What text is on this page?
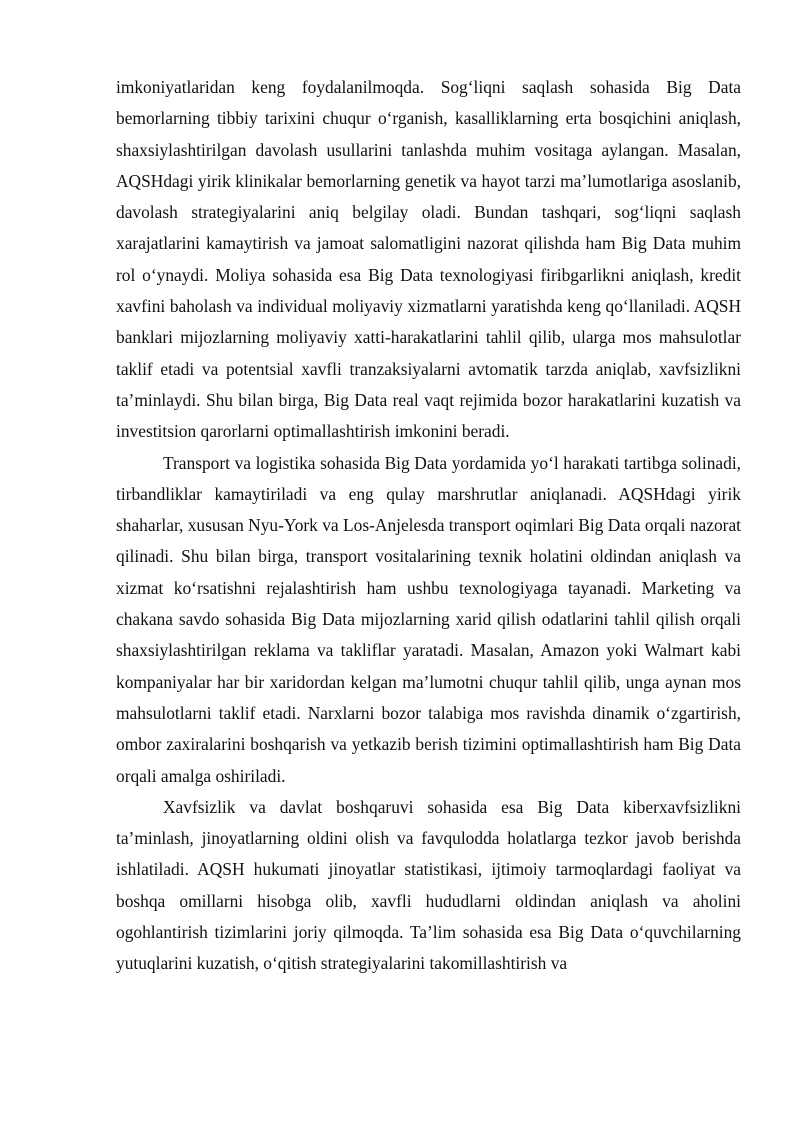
imkoniyatlaridan keng foydalanilmoqda. Sog‘liqni saqlash sohasida Big Data bemorlarning tibbiy tarixini chuqur o‘rganish, kasalliklarning erta bosqichini aniqlash, shaxsiylashtirilgan davolash usullarini tanlashda muhim vositaga aylangan. Masalan, AQSHdagi yirik klinikalar bemorlarning genetik va hayot tarzi ma’lumotlariga asoslanib, davolash strategiyalarini aniq belgilay oladi. Bundan tashqari, sog‘liqni saqlash xarajatlarini kamaytirish va jamoat salomatligini nazorat qilishda ham Big Data muhim rol o‘ynaydi. Moliya sohasida esa Big Data texnologiyasi firibgarlikni aniqlash, kredit xavfini baholash va individual moliyaviy xizmatlarni yaratishda keng qo‘llaniladi. AQSH banklari mijozlarning moliyaviy xatti-harakatlarini tahlil qilib, ularga mos mahsulotlar taklif etadi va potentsial xavfli tranzaksiyalarni avtomatik tarzda aniqlab, xavfsizlikni ta’minlaydi. Shu bilan birga, Big Data real vaqt rejimida bozor harakatlarini kuzatish va investitsion qarorlarni optimallashtirish imkonini beradi.

Transport va logistika sohasida Big Data yordamida yo‘l harakati tartibga solinadi, tirbandliklar kamaytiriladi va eng qulay marshrutlar aniqlanadi. AQSHdagi yirik shaharlar, xususan Nyu-York va Los-Anjelesda transport oqimlari Big Data orqali nazorat qilinadi. Shu bilan birga, transport vositalarining texnik holatini oldindan aniqlash va xizmat ko‘rsatishni rejalashtirish ham ushbu texnologiyaga tayanadi. Marketing va chakana savdo sohasida Big Data mijozlarning xarid qilish odatlarini tahlil qilish orqali shaxsiylashtirilgan reklama va takliflar yaratadi. Masalan, Amazon yoki Walmart kabi kompaniyalar har bir xaridordan kelgan ma’lumotni chuqur tahlil qilib, unga aynan mos mahsulotlarni taklif etadi. Narxlarni bozor talabiga mos ravishda dinamik o‘zgartirish, ombor zaxiralarini boshqarish va yetkazib berish tizimini optimallashtirish ham Big Data orqali amalga oshiriladi.

Xavfsizlik va davlat boshqaruvi sohasida esa Big Data kiberxavfsizlikni ta’minlash, jinoyatlarning oldini olish va favqulodda holatlarga tezkor javob berishda ishlatiladi. AQSH hukumati jinoyatlar statistikasi, ijtimoiy tarmoqlardagi faoliyat va boshqa omillarni hisobga olib, xavfli hududlarni oldindan aniqlash va aholini ogohlantirish tizimlarini joriy qilmoqda. Ta’lim sohasida esa Big Data o‘quvchilarning yutuqlarini kuzatish, o‘qitish strategiyalarini takomillashtirish va
